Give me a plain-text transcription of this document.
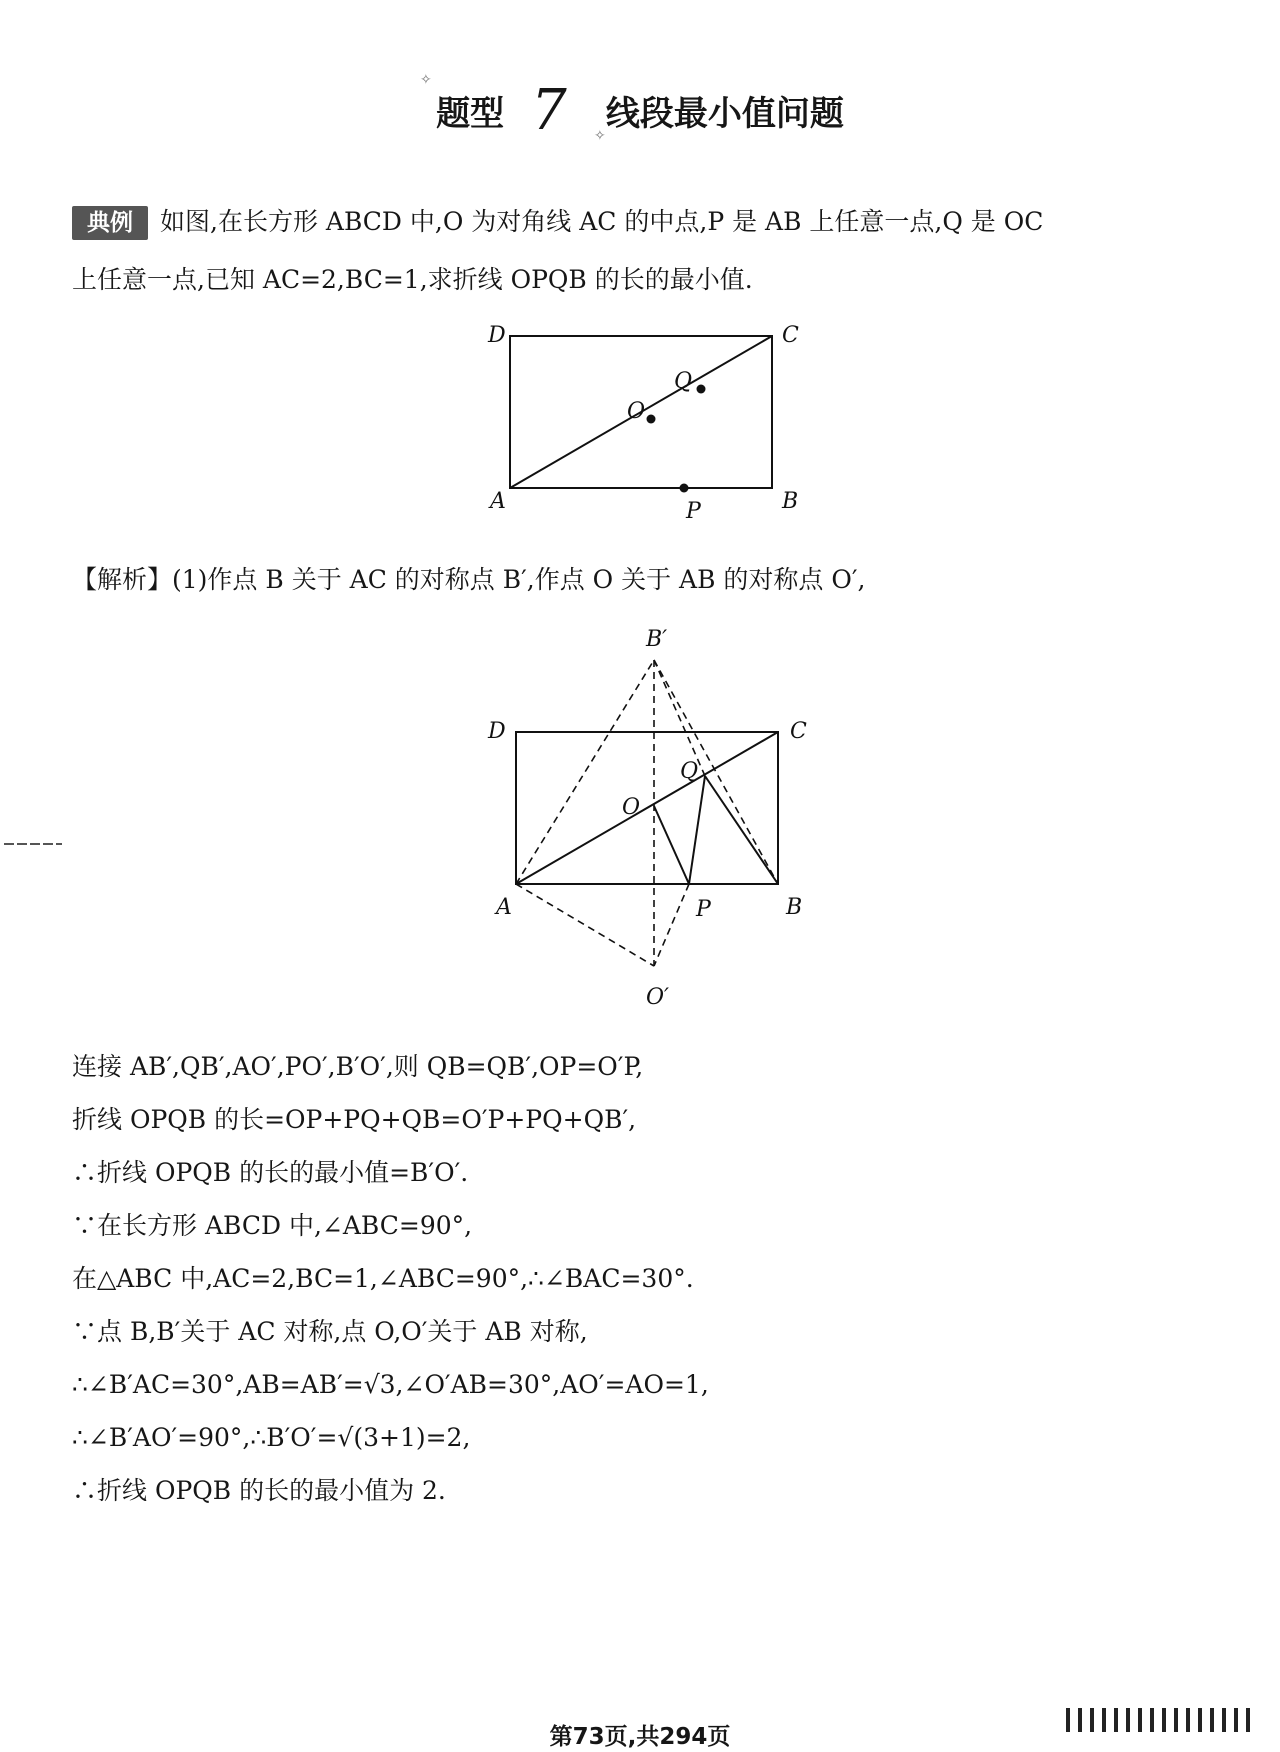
✧
✧
题型 7 线段最小值问题
典例	如图,在长方形 ABCD 中,O 为对角线 AC 的中点,P 是 AB 上任意一点,Q 是 OC
上任意一点,已知 AC=2,BC=1,求折线 OPQB 的长的最小值.
D	C
A	B
O
Q
P
【解析】(1)作点 B 关于 AC 的对称点 B′,作点 O 关于 AB 的对称点 O′,
B′
D	C
O
Q
A	B
P
O′
连接 AB′,QB′,AO′,PO′,B′O′,则 QB=QB′,OP=O′P,
折线 OPQB 的长=OP+PQ+QB=O′P+PQ+QB′,
∴折线 OPQB 的长的最小值=B′O′.
∵在长方形 ABCD 中,∠ABC=90°,
在△ABC 中,AC=2,BC=1,∠ABC=90°,∴∠BAC=30°.
∵点 B,B′关于 AC 对称,点 O,O′关于 AB 对称,
∴∠B′AC=30°,AB=AB′=√3,∠O′AB=30°,AO′=AO=1,
∴∠B′AO′=90°,∴B′O′=√(3+1)=2,
∴折线 OPQB 的长的最小值为 2.
第73页,共294页
